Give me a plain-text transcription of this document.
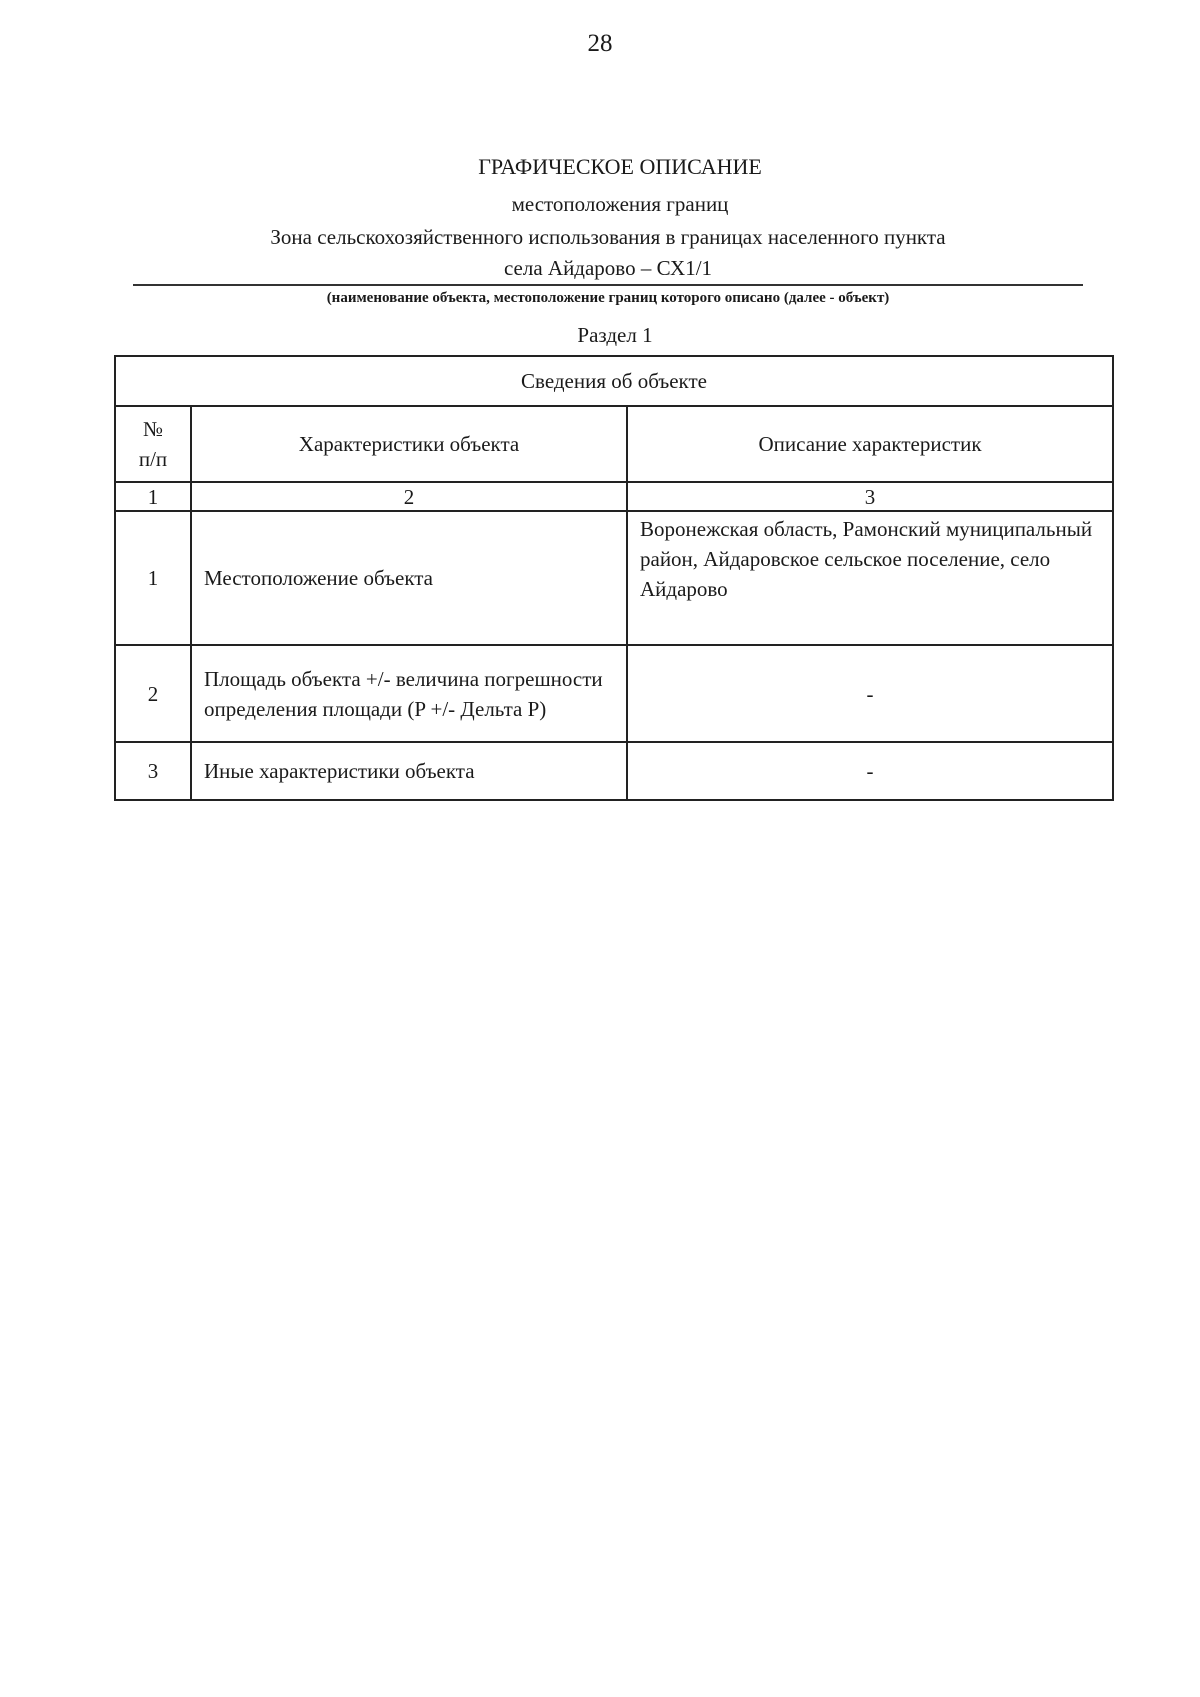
28
ГРАФИЧЕСКОЕ ОПИСАНИЕ
местоположения границ
Зона сельскохозяйственного использования в границах населенного пункта
села Айдарово – СХ1/1
(наименование объекта, местоположение границ которого описано (далее - объект)
Раздел 1
Сведения об объекте		

№
п/п	Характеристики объекта	Описание характеристик
1	2	3
1	Местоположение объекта	Воронежская область, Рамонский муниципальный район, Айдаровское сельское поселение, село Айдарово
2	Площадь объекта +/- величина погрешности определения площади (P +/- Дельта P)	-
3	Иные характеристики объекта	-
